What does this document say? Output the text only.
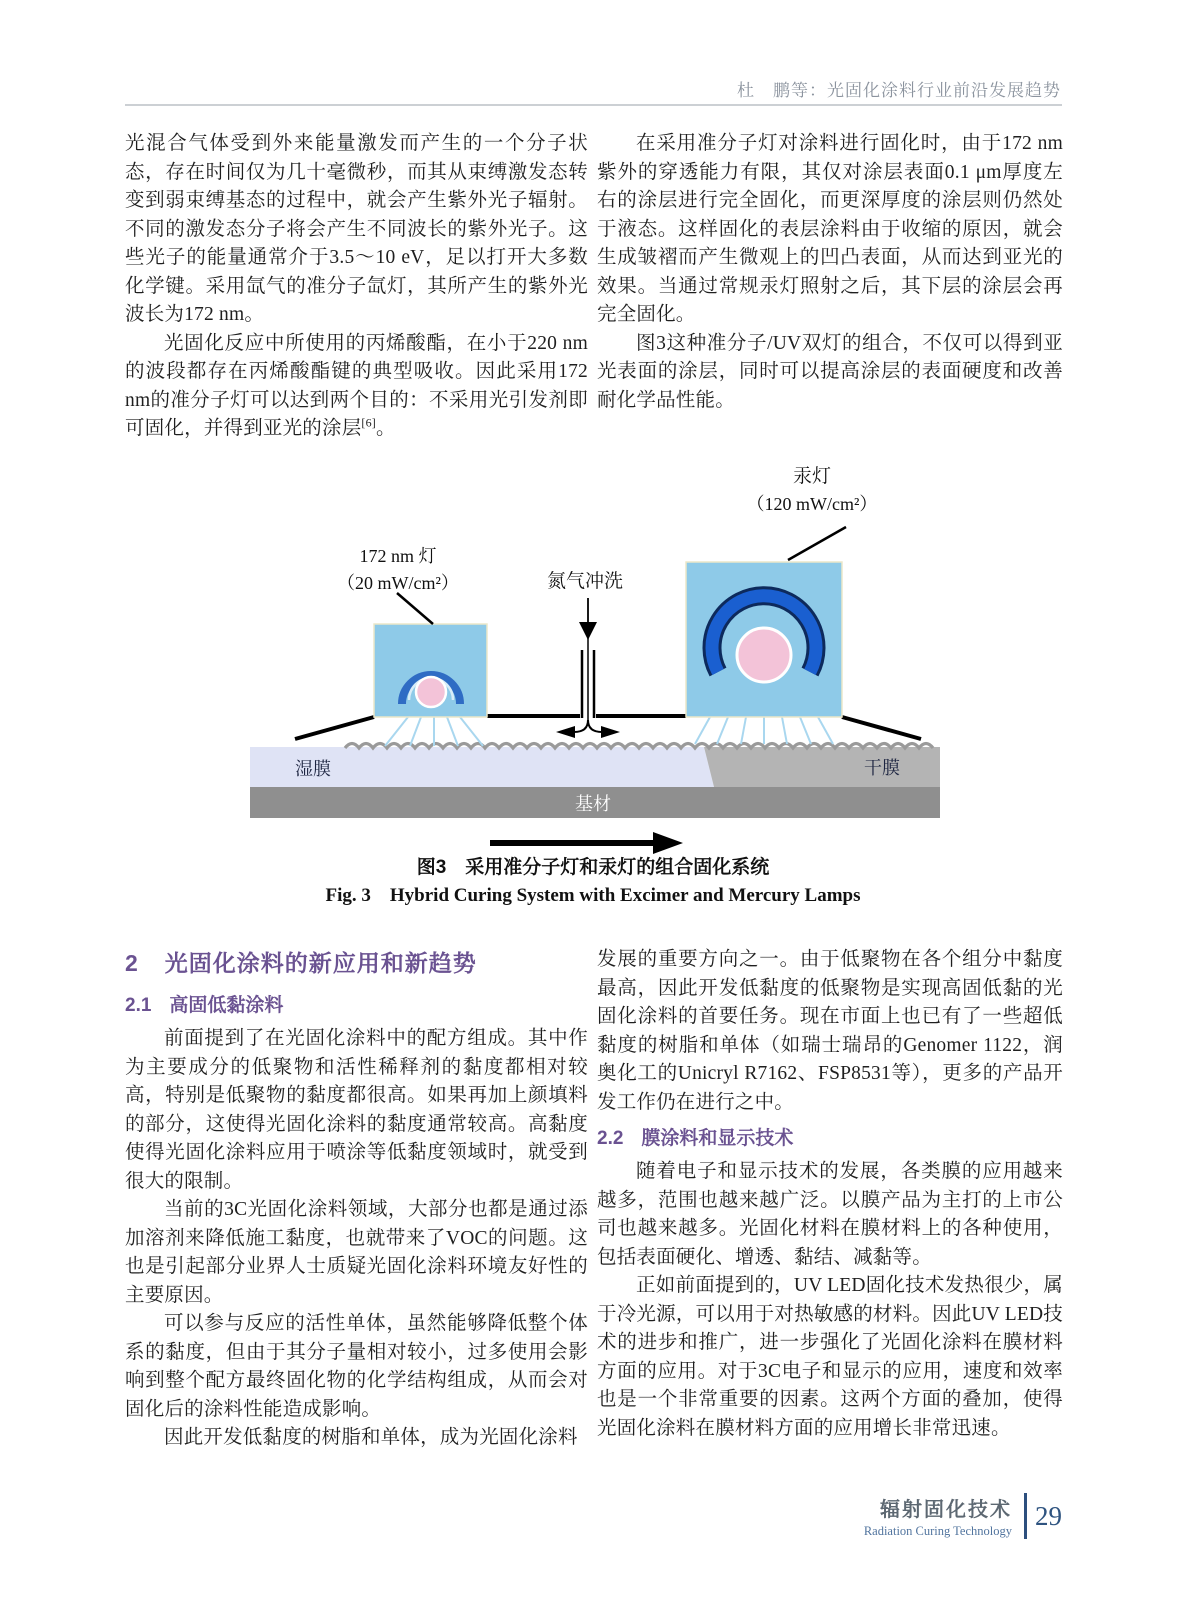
杜　鹏等：光固化涂料行业前沿发展趋势

光混合气体受到外来能量激发而产生的一个分子状态，存在时间仅为几十毫微秒，而其从束缚激发态转变到弱束缚基态的过程中，就会产生紫外光子辐射。不同的激发态分子将会产生不同波长的紫外光子。这些光子的能量通常介于3.5～10 eV，足以打开大多数化学键。采用氙气的准分子氙灯，其所产生的紫外光波长为172 nm。

光固化反应中所使用的丙烯酸酯，在小于220 nm的波段都存在丙烯酸酯键的典型吸收。因此采用172 nm的准分子灯可以达到两个目的：不采用光引发剂即可固化，并得到亚光的涂层[6]。

在采用准分子灯对涂料进行固化时，由于172 nm紫外的穿透能力有限，其仅对涂层表面0.1 μm厚度左右的涂层进行完全固化，而更深厚度的涂层则仍然处于液态。这样固化的表层涂料由于收缩的原因，就会生成皱褶而产生微观上的凹凸表面，从而达到亚光的效果。当通过常规汞灯照射之后，其下层的涂层会再完全固化。

图3这种准分子/UV双灯的组合，不仅可以得到亚光表面的涂层，同时可以提高涂层的表面硬度和改善耐化学品性能。

汞灯
（120 mW/cm²）
172 nm 灯
（20 mW/cm²）	氮气冲洗
湿膜	干膜
基材
图3　采用准分子灯和汞灯的组合固化系统
Fig. 3　Hybrid Curing System with Excimer and Mercury Lamps
2 光固化涂料的新应用和新趋势
2.1 高固低黏涂料

前面提到了在光固化涂料中的配方组成。其中作为主要成分的低聚物和活性稀释剂的黏度都相对较高，特别是低聚物的黏度都很高。如果再加上颜填料的部分，这使得光固化涂料的黏度通常较高。高黏度使得光固化涂料应用于喷涂等低黏度领域时，就受到很大的限制。

当前的3C光固化涂料领域，大部分也都是通过添加溶剂来降低施工黏度，也就带来了VOC的问题。这也是引起部分业界人士质疑光固化涂料环境友好性的主要原因。

可以参与反应的活性单体，虽然能够降低整个体系的黏度，但由于其分子量相对较小，过多使用会影响到整个配方最终固化物的化学结构组成，从而会对固化后的涂料性能造成影响。

因此开发低黏度的树脂和单体，成为光固化涂料

发展的重要方向之一。由于低聚物在各个组分中黏度最高，因此开发低黏度的低聚物是实现高固低黏的光固化涂料的首要任务。现在市面上也已有了一些超低黏度的树脂和单体（如瑞士瑞昂的Genomer 1122，润奥化工的Unicryl R7162、FSP8531等），更多的产品开发工作仍在进行之中。

2.2 膜涂料和显示技术

随着电子和显示技术的发展，各类膜的应用越来越多，范围也越来越广泛。以膜产品为主打的上市公司也越来越多。光固化材料在膜材料上的各种使用，包括表面硬化、增透、黏结、减黏等。

正如前面提到的，UV LED固化技术发热很少，属于冷光源，可以用于对热敏感的材料。因此UV LED技术的进步和推广，进一步强化了光固化涂料在膜材料方面的应用。对于3C电子和显示的应用，速度和效率也是一个非常重要的因素。这两个方面的叠加，使得光固化涂料在膜材料方面的应用增长非常迅速。

辐射固化技术
Radiation Curing Technology
29
